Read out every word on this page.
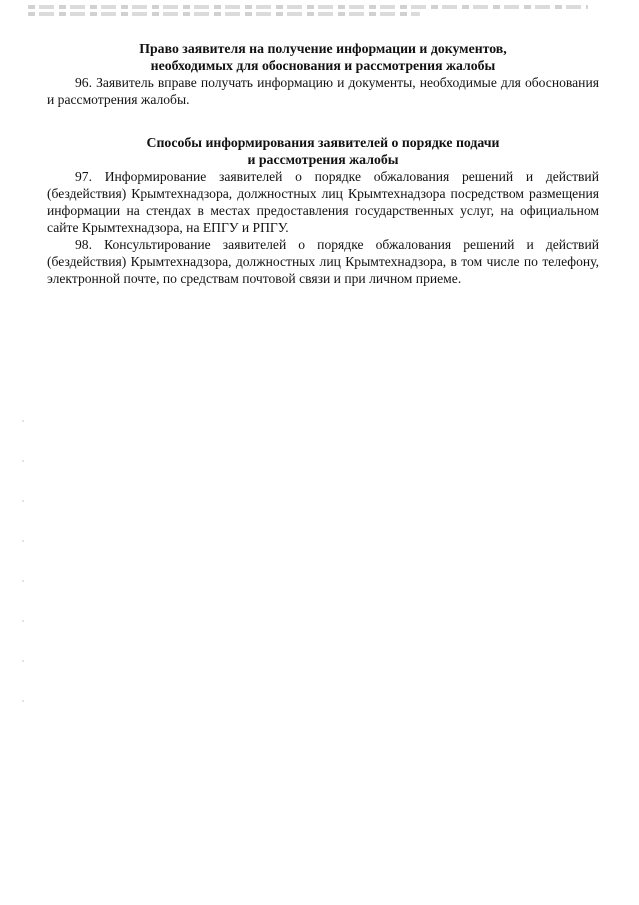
Право заявителя на получение информации и документов,
необходимых для обоснования и рассмотрения жалобы

96. Заявитель вправе получать информацию и документы, необходимые для обоснования и рассмотрения жалобы.

Способы информирования заявителей о порядке подачи
и рассмотрения жалобы

97. Информирование заявителей о порядке обжалования решений и действий (бездействия) Крымтехнадзора, должностных лиц Крымтехнадзора посредством размещения информации на стендах в местах предоставления государственных услуг, на официальном сайте Крымтехнадзора, на ЕПГУ и РПГУ.

98. Консультирование заявителей о порядке обжалования решений и действий (бездействия) Крымтехнадзора, должностных лиц Крымтехнадзора, в том числе по телефону, электронной почте, по средствам почтовой связи и при личном приеме.
